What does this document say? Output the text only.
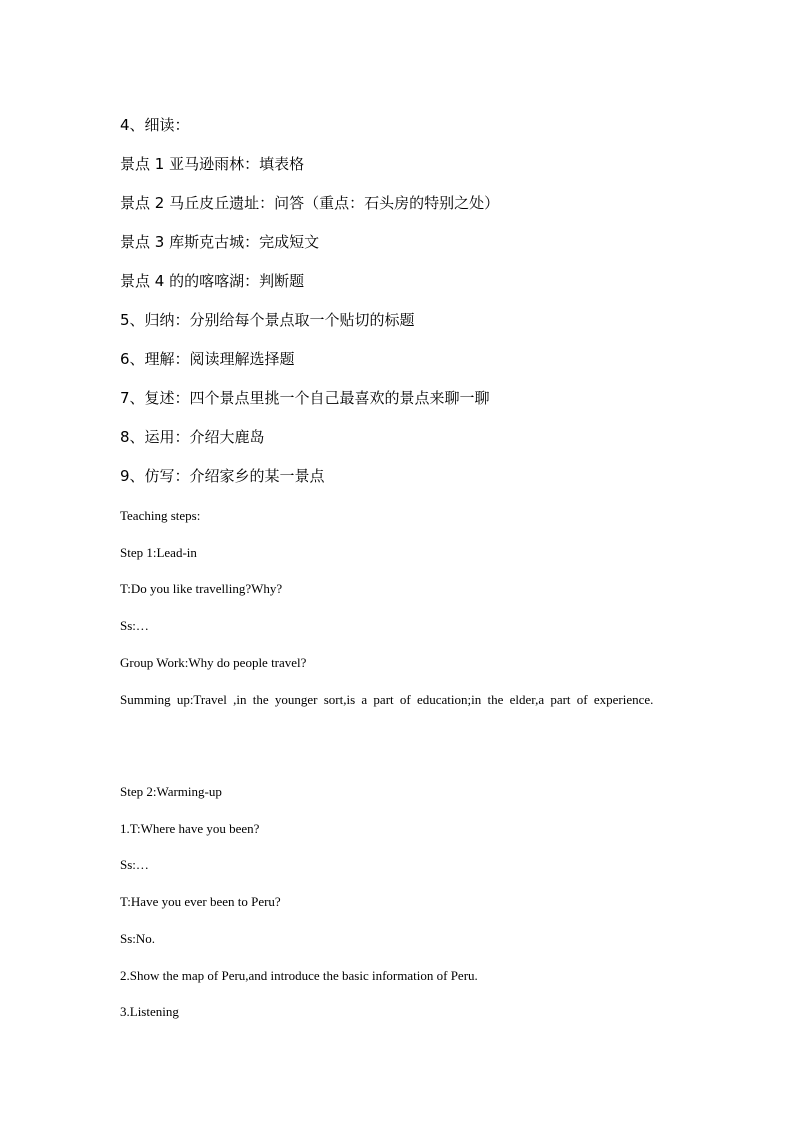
4、细读：
景点 1 亚马逊雨林：填表格
景点 2 马丘皮丘遗址：问答（重点：石头房的特别之处）
景点 3 库斯克古城：完成短文
景点 4 的的喀喀湖：判断题
5、归纳：分别给每个景点取一个贴切的标题
6、理解：阅读理解选择题
7、复述：四个景点里挑一个自己最喜欢的景点来聊一聊
8、运用：介绍大鹿岛
9、仿写：介绍家乡的某一景点
Teaching steps:
Step 1:Lead-in
T:Do you like travelling?Why?
Ss:…
Group Work:Why do people travel?
Summing up:Travel ,in the younger sort,is a part of education;in the elder,a part of experience.
Step 2:Warming-up
1.T:Where have you been?
Ss:…
T:Have you ever been to Peru?
Ss:No.
2.Show the map of Peru,and introduce the basic information of Peru.
3.Listening
